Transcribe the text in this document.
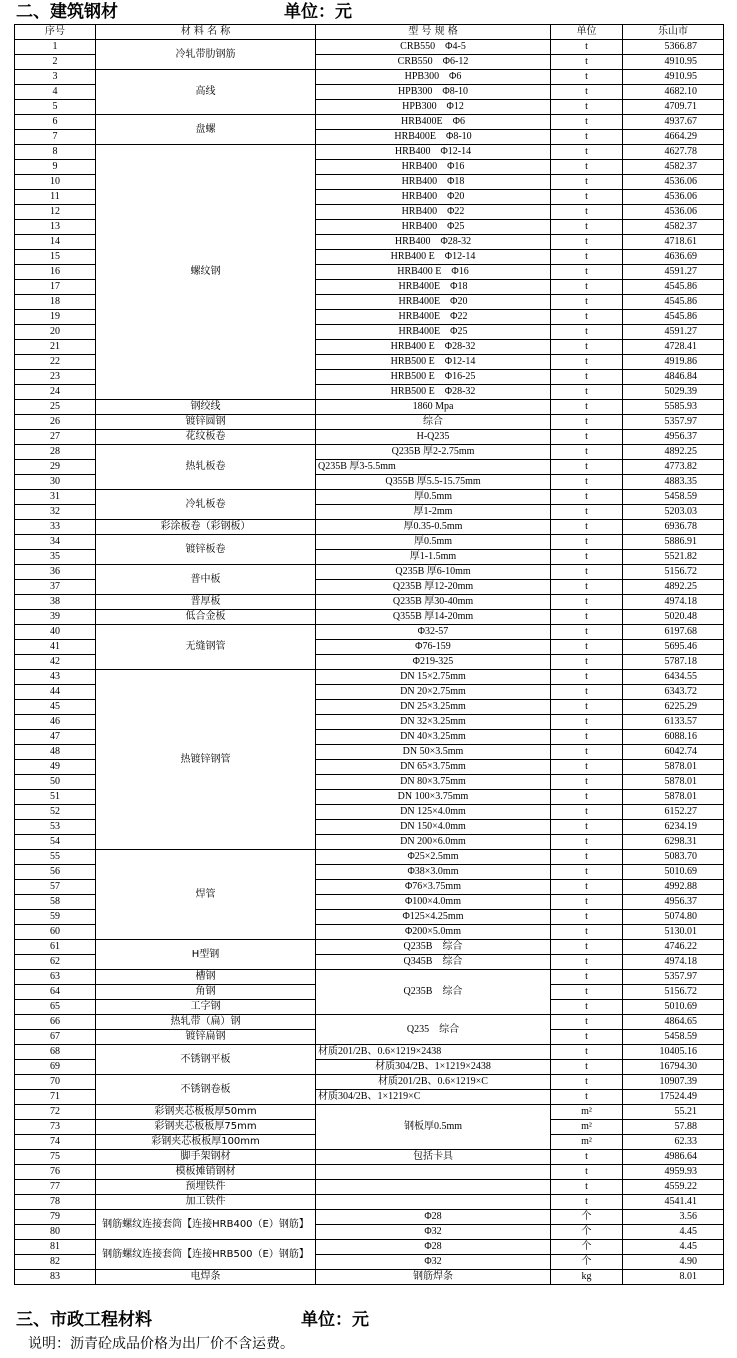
二、建筑钢材	单位：元
序号	材 料 名 称	型 号 规 格	单位	乐山市
1	冷轧带肋钢筋	CRB550　Φ4-5	t	5366.87
2		CRB550　Φ6-12	t	4910.95
3	高线	HPB300　Φ6	t	4910.95
4		HPB300　Φ8-10	t	4682.10
5		HPB300　Φ12	t	4709.71
6	盘螺	HRB400E　Φ6	t	4937.67
7		HRB400E　Φ8-10	t	4664.29
8	螺纹钢	HRB400　Φ12-14	t	4627.78
9		HRB400　Φ16	t	4582.37
10		HRB400　Φ18	t	4536.06
11		HRB400　Φ20	t	4536.06
12		HRB400　Φ22	t	4536.06
13		HRB400　Φ25	t	4582.37
14		HRB400　Φ28-32	t	4718.61
15		HRB400 E　Φ12-14	t	4636.69
16		HRB400 E　Φ16	t	4591.27
17		HRB400E　Φ18	t	4545.86
18		HRB400E　Φ20	t	4545.86
19		HRB400E　Φ22	t	4545.86
20		HRB400E　Φ25	t	4591.27
21		HRB400 E　Φ28-32	t	4728.41
22		HRB500 E　Φ12-14	t	4919.86
23		HRB500 E　Φ16-25	t	4846.84
24		HRB500 E　Φ28-32	t	5029.39
25	钢绞线	1860 Mpa	t	5585.93
26	镀锌圆钢	综合	t	5357.97
27	花纹板卷	H-Q235	t	4956.37
28	热轧板卷	Q235B 厚2-2.75mm	t	4892.25
29		Q235B 厚3-5.5mm	t	4773.82
30		Q355B 厚5.5-15.75mm	t	4883.35
31	冷轧板卷	厚0.5mm	t	5458.59
32		厚1-2mm	t	5203.03
33	彩涂板卷（彩钢板）	厚0.35-0.5mm	t	6936.78
34	镀锌板卷	厚0.5mm	t	5886.91
35		厚1-1.5mm	t	5521.82
36	普中板	Q235B 厚6-10mm	t	5156.72
37		Q235B 厚12-20mm	t	4892.25
38	普厚板	Q235B 厚30-40mm	t	4974.18
39	低合金板	Q355B 厚14-20mm	t	5020.48
40	无缝钢管	Φ32-57	t	6197.68
41		Φ76-159	t	5695.46
42		Φ219-325	t	5787.18
43	热镀锌钢管	DN 15×2.75mm	t	6434.55
44		DN 20×2.75mm	t	6343.72
45		DN 25×3.25mm	t	6225.29
46		DN 32×3.25mm	t	6133.57
47		DN 40×3.25mm	t	6088.16
48		DN 50×3.5mm	t	6042.74
49		DN 65×3.75mm	t	5878.01
50		DN 80×3.75mm	t	5878.01
51		DN 100×3.75mm	t	5878.01
52		DN 125×4.0mm	t	6152.27
53		DN 150×4.0mm	t	6234.19
54		DN 200×6.0mm	t	6298.31
55	焊管	Φ25×2.5mm	t	5083.70
56		Φ38×3.0mm	t	5010.69
57		Φ76×3.75mm	t	4992.88
58		Φ100×4.0mm	t	4956.37
59		Φ125×4.25mm	t	5074.80
60		Φ200×5.0mm	t	5130.01
61	H型钢	Q235B　综合	t	4746.22
62		Q345B　综合	t	4974.18
63	槽钢	Q235B　综合	t	5357.97
64	角钢		t	5156.72
65	工字钢		t	5010.69
66	热轧带（扁）钢	Q235　综合	t	4864.65
67	镀锌扁钢		t	5458.59
68	不锈钢平板	材质201/2B、0.6×1219×2438	t	10405.16
69		材质304/2B、1×1219×2438	t	16794.30
70	不锈钢卷板	材质201/2B、0.6×1219×C	t	10907.39
71		材质304/2B、1×1219×C	t	17524.49
72	彩钢夹芯板板厚50mm	钢板厚0.5mm	m²	55.21
73	彩钢夹芯板板厚75mm		m²	57.88
74	彩钢夹芯板板厚100mm		m²	62.33
75	脚手架钢材	包括卡具	t	4986.64
76	模板摊销钢材		t	4959.93
77	预埋铁件		t	4559.22
78	加工铁件		t	4541.41
79	钢筋螺纹连接套筒【连接HRB400（E）钢筋】	Φ28	个	3.56
80		Φ32	个	4.45
81	钢筋螺纹连接套筒【连接HRB500（E）钢筋】	Φ28	个	4.45
82		Φ32	个	4.90
83	电焊条	钢筋焊条	kg	8.01
三、市政工程材料	单位：元
说明：沥青砼成品价格为出厂价不含运费。
